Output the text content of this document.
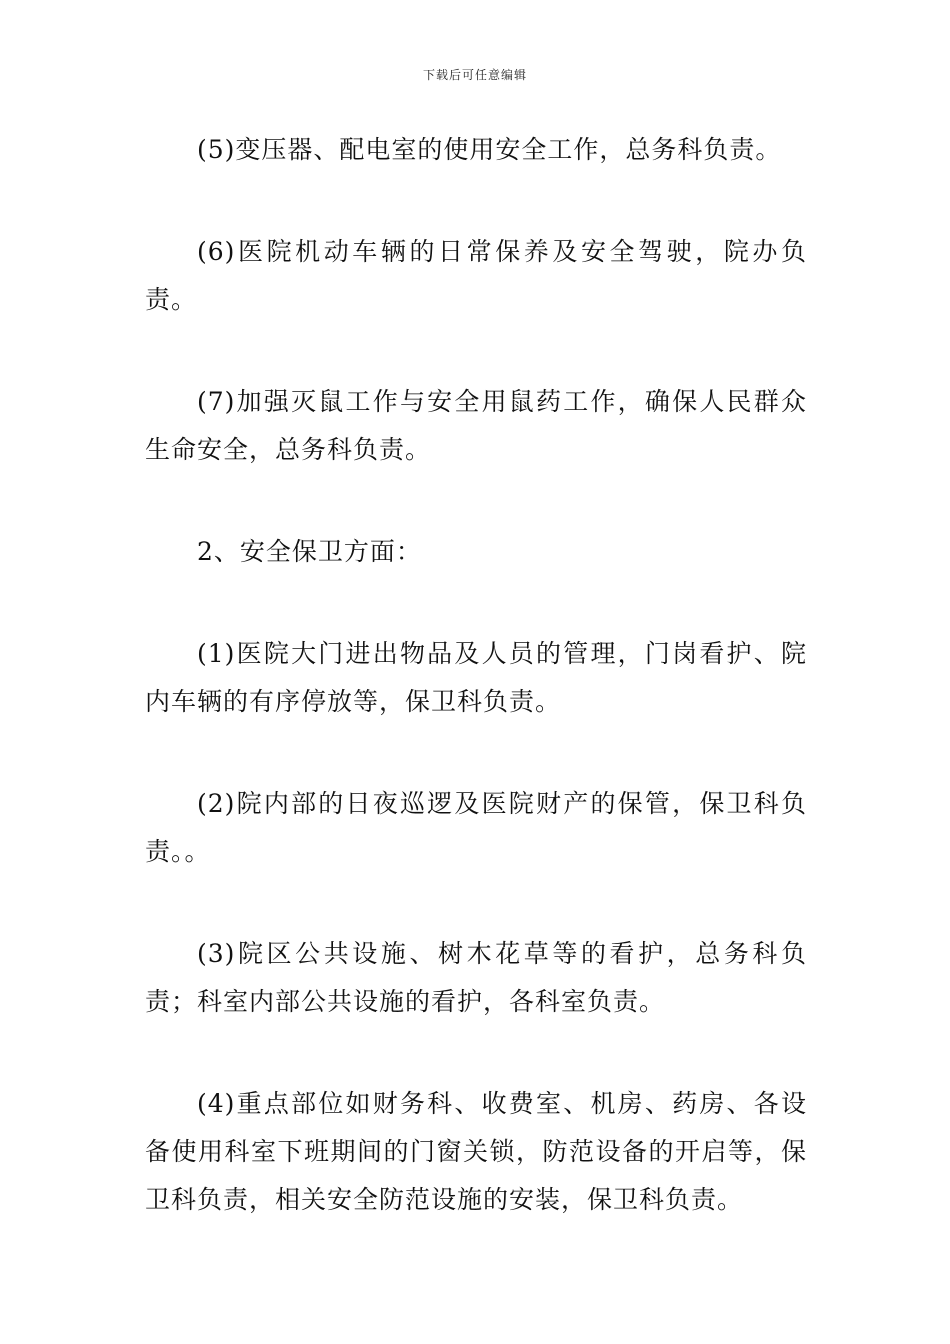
下载后可任意编辑

(5)变压器、配电室的使用安全工作，总务科负责。

(6)医院机动车辆的日常保养及安全驾驶，院办负责。

(7)加强灭鼠工作与安全用鼠药工作，确保人民群众生命安全，总务科负责。

2、安全保卫方面：

(1)医院大门进出物品及人员的管理，门岗看护、院内车辆的有序停放等，保卫科负责。

(2)院内部的日夜巡逻及医院财产的保管，保卫科负责。。

(3)院区公共设施、树木花草等的看护，总务科负责；科室内部公共设施的看护，各科室负责。

(4)重点部位如财务科、收费室、机房、药房、各设备使用科室下班期间的门窗关锁，防范设备的开启等，保卫科负责，相关安全防范设施的安装，保卫科负责。
